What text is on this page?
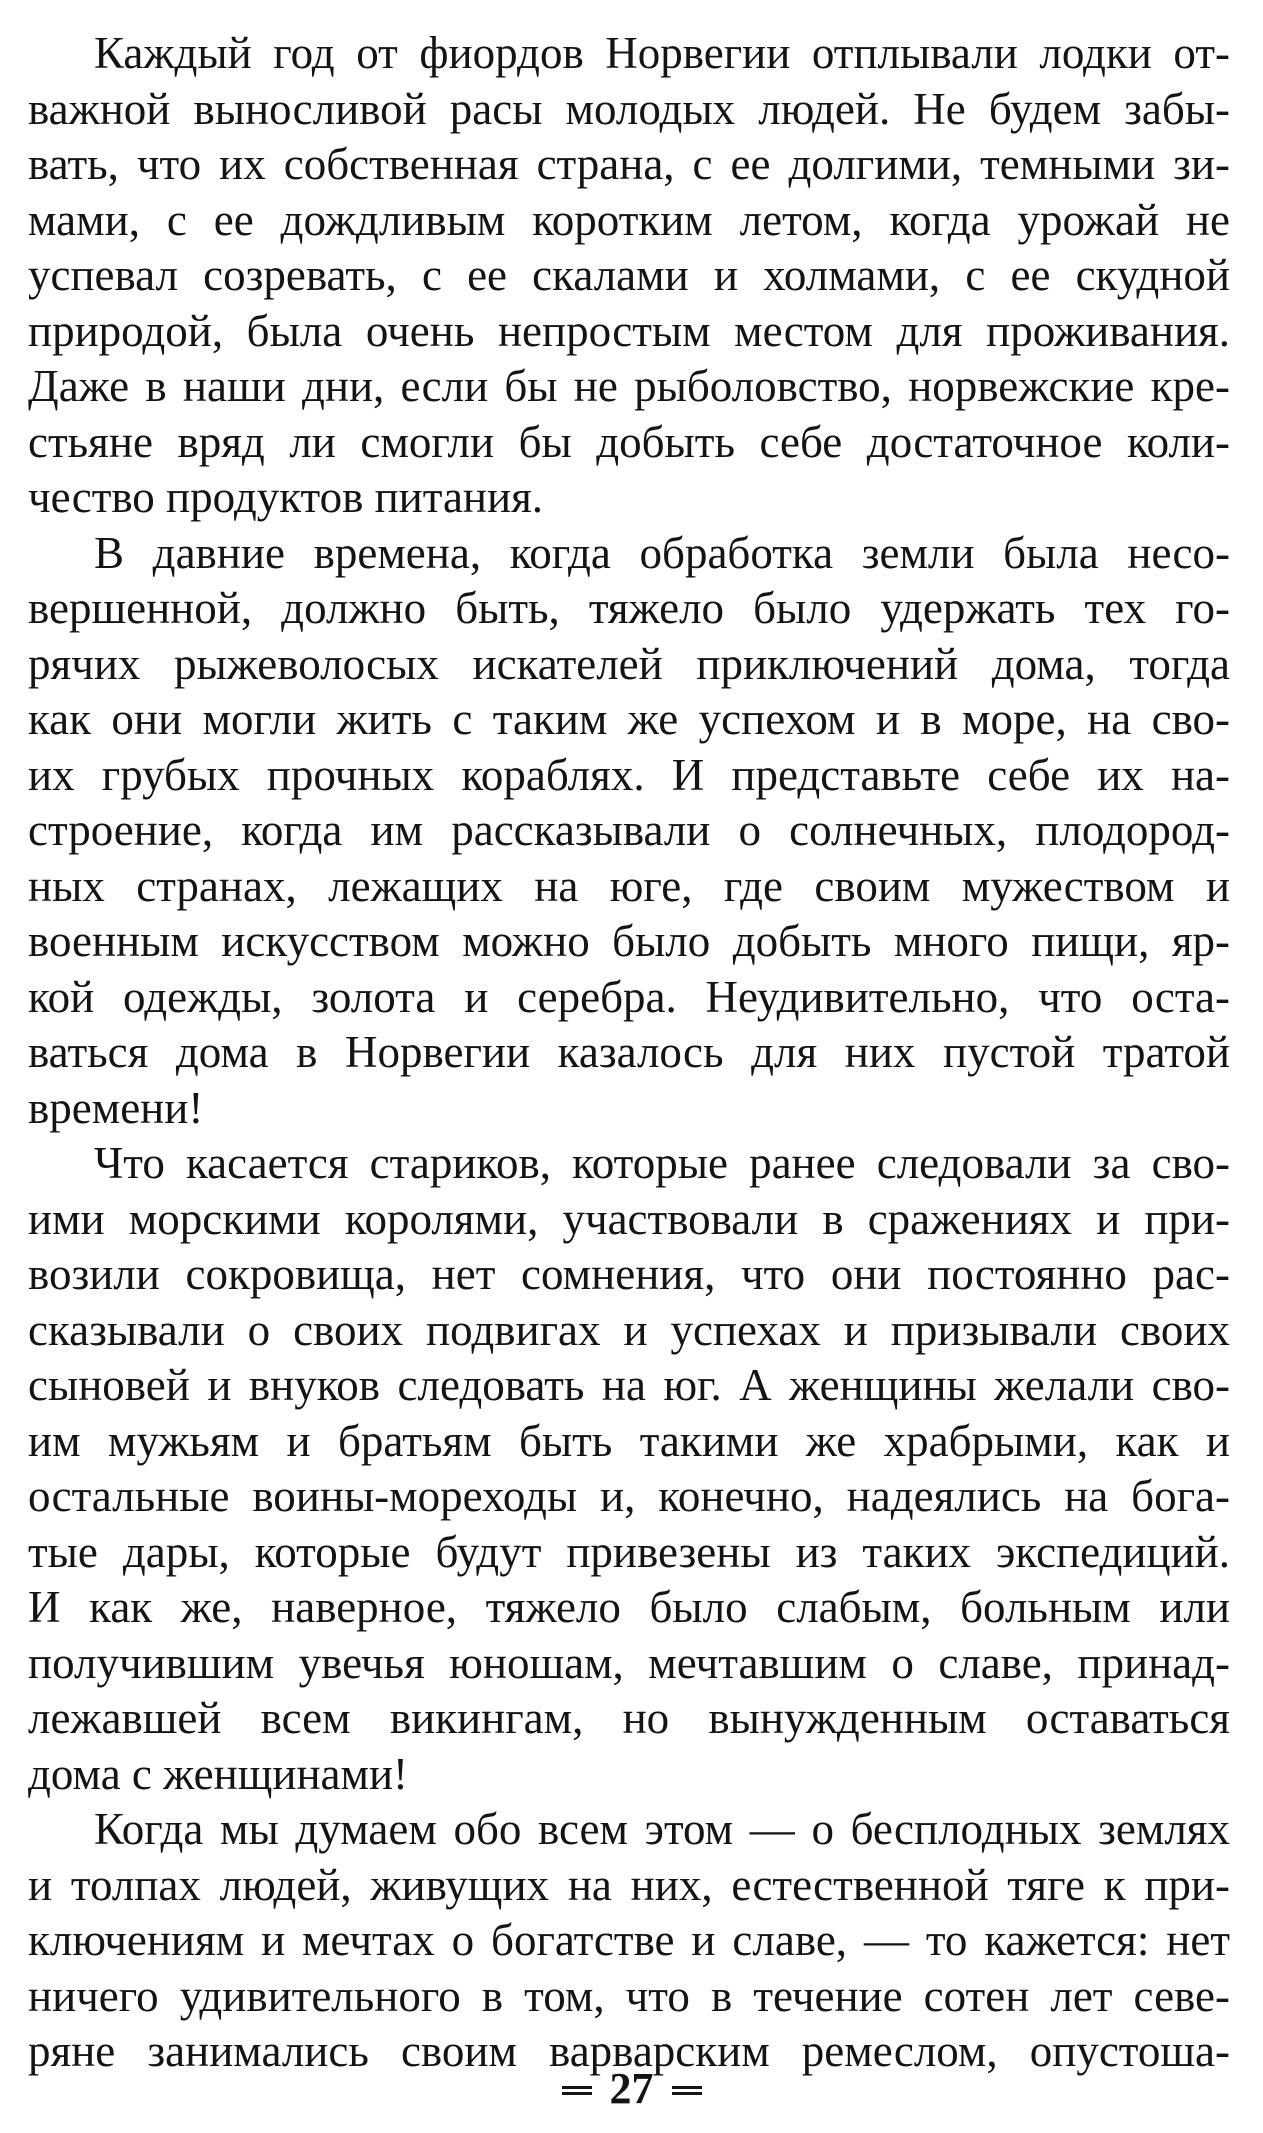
Каждый год от фиордов Норвегии отплывали лодки от-
важной выносливой расы молодых людей. Не будем забы-
вать, что их собственная страна, с ее долгими, темными зи-
мами, с ее дождливым коротким летом, когда урожай не
успевал созревать, с ее скалами и холмами, с ее скудной
природой, была очень непростым местом для проживания.
Даже в наши дни, если бы не рыболовство, норвежские кре-
стьяне вряд ли смогли бы добыть себе достаточное коли-
чество продуктов питания.
В давние времена, когда обработка земли была несо-
вершенной, должно быть, тяжело было удержать тех го-
рячих рыжеволосых искателей приключений дома, тогда
как они могли жить с таким же успехом и в море, на сво-
их грубых прочных кораблях. И представьте себе их на-
строение, когда им рассказывали о солнечных, плодород-
ных странах, лежащих на юге, где своим мужеством и
военным искусством можно было добыть много пищи, яр-
кой одежды, золота и серебра. Неудивительно, что оста-
ваться дома в Норвегии казалось для них пустой тратой
времени!
Что касается стариков, которые ранее следовали за сво-
ими морскими королями, участвовали в сражениях и при-
возили сокровища, нет сомнения, что они постоянно рас-
сказывали о своих подвигах и успехах и призывали своих
сыновей и внуков следовать на юг. А женщины желали сво-
им мужьям и братьям быть такими же храбрыми, как и
остальные воины-мореходы и, конечно, надеялись на бога-
тые дары, которые будут привезены из таких экспедиций.
И как же, наверное, тяжело было слабым, больным или
получившим увечья юношам, мечтавшим о славе, принад-
лежавшей всем викингам, но вынужденным оставаться
дома с женщинами!
Когда мы думаем обо всем этом — о бесплодных землях
и толпах людей, живущих на них, естественной тяге к при-
ключениям и мечтах о богатстве и славе, — то кажется: нет
ничего удивительного в том, что в течение сотен лет севе-
ряне занимались своим варварским ремеслом, опустоша-
27
